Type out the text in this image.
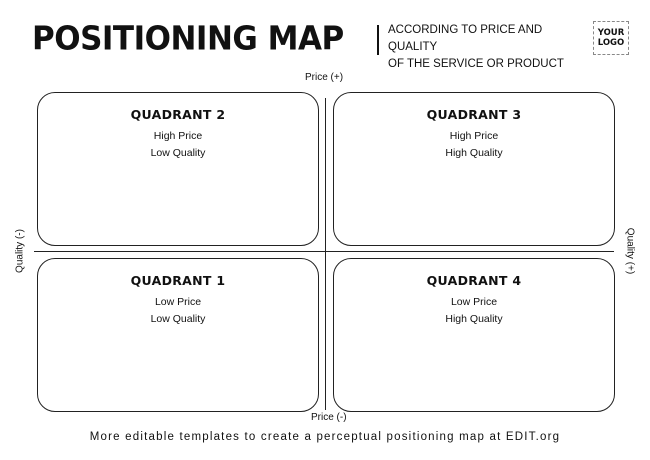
POSITIONING MAP	ACCORDING TO PRICE AND QUALITY
OF THE SERVICE OR PRODUCT
YOUR
LOGO
Price (+)
Price (-)
Quality (-)	Quality (+)
QUADRANT 2
High Price
Low Quality
QUADRANT 3
High Price
High Quality
QUADRANT 1
Low Price
Low Quality
QUADRANT 4
Low Price
High Quality
More editable templates to create a perceptual positioning map at EDIT.org
